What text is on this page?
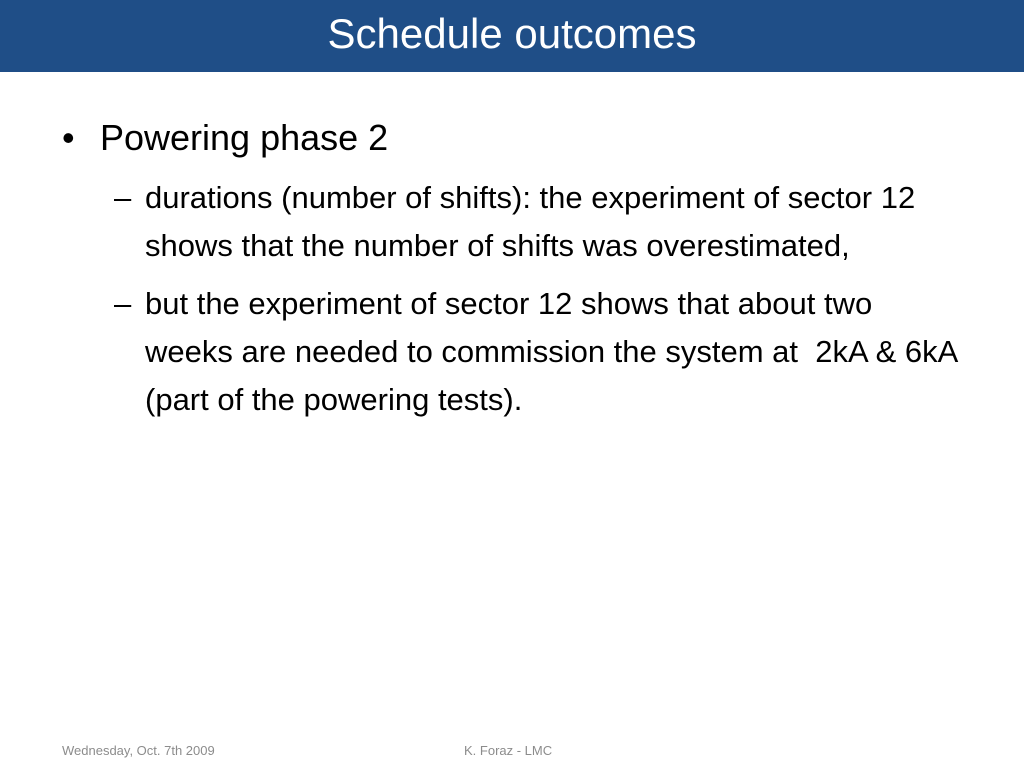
Schedule outcomes
• Powering phase 2
– durations (number of shifts): the experiment of sector 12 shows that the number of shifts was overestimated,
– but the experiment of sector 12 shows that about two weeks are needed to commission the system at  2kA & 6kA (part of the powering tests).
Wednesday, Oct. 7th 2009	K. Foraz - LMC
